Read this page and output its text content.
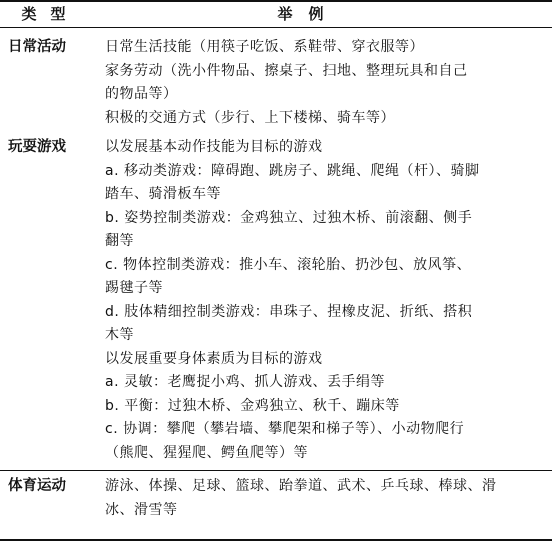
类型	举例
日常活动	日常生活技能（用筷子吃饭、系鞋带、穿衣服等）
家务劳动（洗小件物品、擦桌子、扫地、整理玩具和自己
的物品等）
积极的交通方式（步行、上下楼梯、骑车等）
玩耍游戏	以发展基本动作技能为目标的游戏
a. 移动类游戏：障碍跑、跳房子、跳绳、爬绳（杆）、骑脚
踏车、骑滑板车等
b. 姿势控制类游戏：金鸡独立、过独木桥、前滚翻、侧手
翻等
c. 物体控制类游戏：推小车、滚轮胎、扔沙包、放风筝、
踢毽子等
d. 肢体精细控制类游戏：串珠子、捏橡皮泥、折纸、搭积
木等
以发展重要身体素质为目标的游戏
a. 灵敏：老鹰捉小鸡、抓人游戏、丢手绢等
b. 平衡：过独木桥、金鸡独立、秋千、蹦床等
c. 协调：攀爬（攀岩墙、攀爬架和梯子等）、小动物爬行
（熊爬、猩猩爬、鳄鱼爬等）等
体育运动	游泳、体操、足球、篮球、跆拳道、武术、乒乓球、棒球、滑
冰、滑雪等
